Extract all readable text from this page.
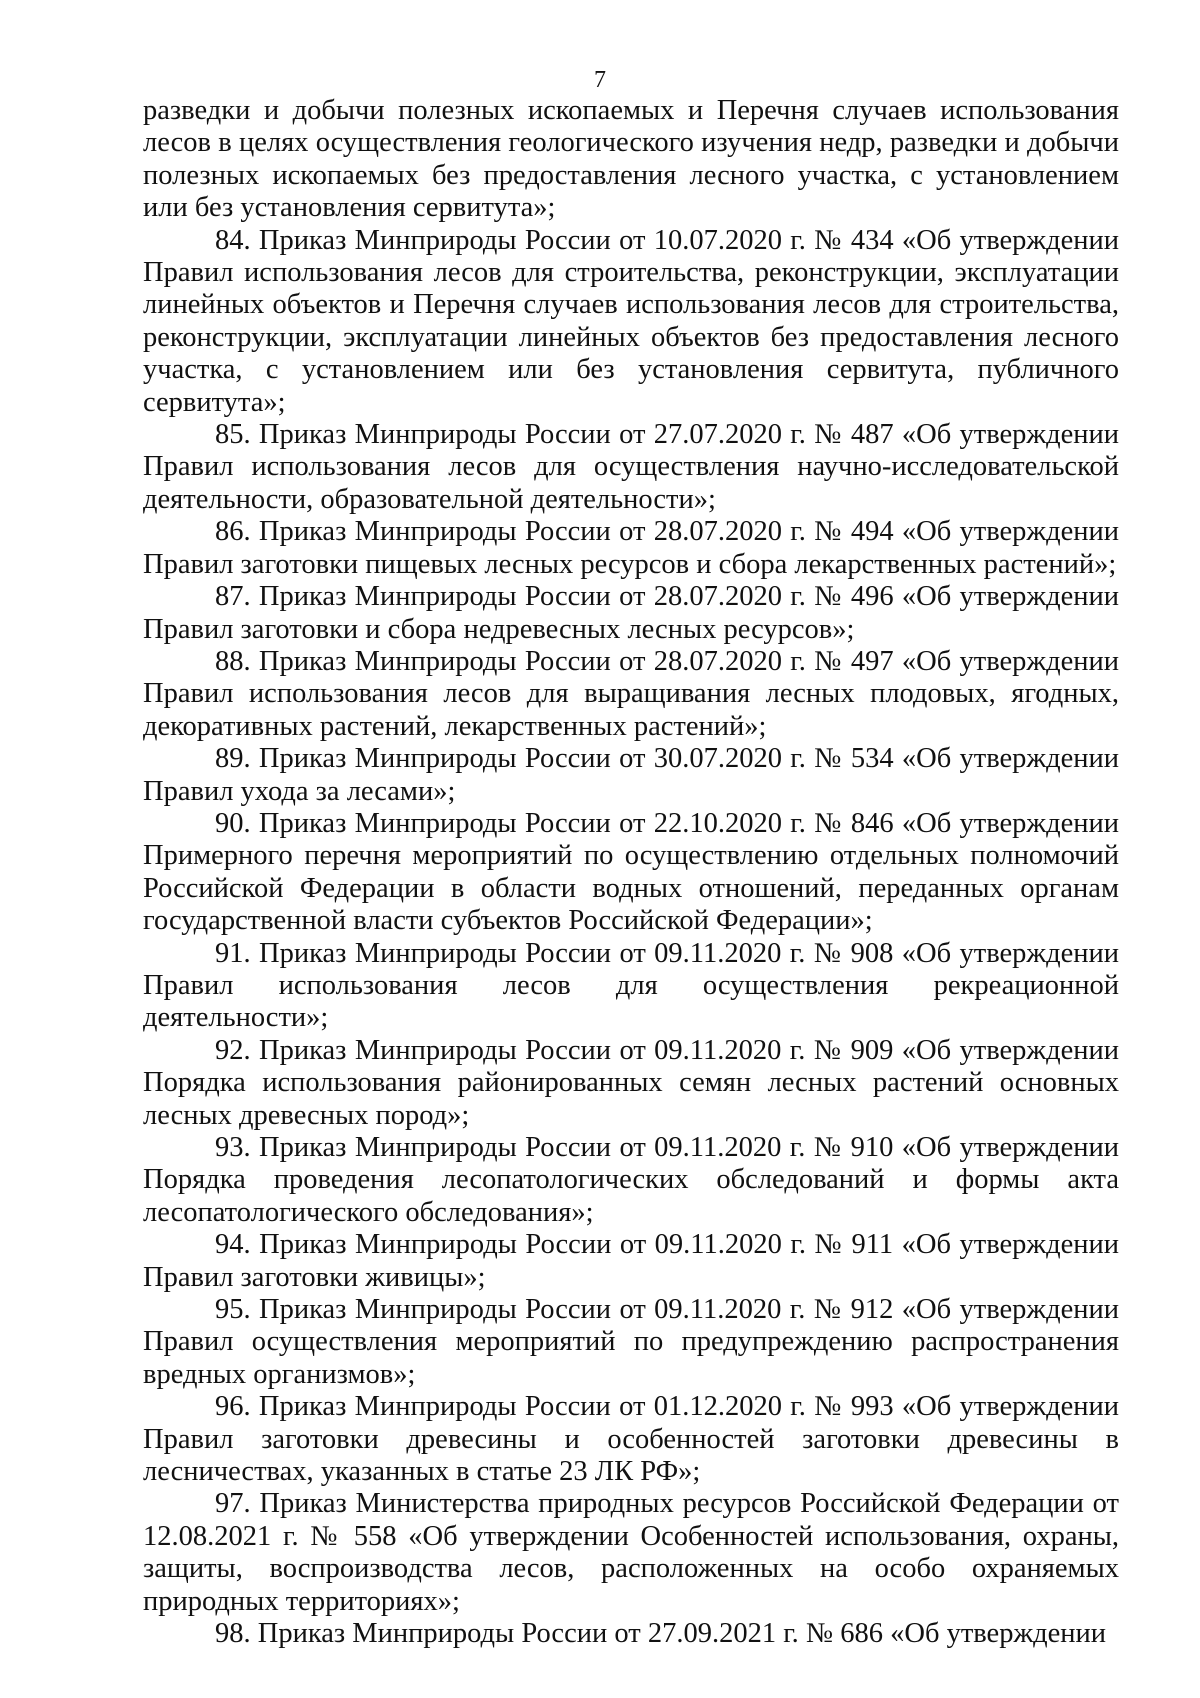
7

разведки и добычи полезных ископаемых и Перечня случаев использования лесов в целях осуществления геологического изучения недр, разведки и добычи полезных ископаемых без предоставления лесного участка, с установлением или без установления сервитута»;

84. Приказ Минприроды России от 10.07.2020 г. № 434 «Об утверждении Правил использования лесов для строительства, реконструкции, эксплуатации линейных объектов и Перечня случаев использования лесов для строительства, реконструкции, эксплуатации линейных объектов без предоставления лесного участка, с установлением или без установления сервитута, публичного сервитута»;

85. Приказ Минприроды России от 27.07.2020 г. № 487 «Об утверждении Правил использования лесов для осуществления научно-исследовательской деятельности, образовательной деятельности»;

86. Приказ Минприроды России от 28.07.2020 г. № 494 «Об утверждении Правил заготовки пищевых лесных ресурсов и сбора лекарственных растений»;

87. Приказ Минприроды России от 28.07.2020 г. № 496 «Об утверждении Правил заготовки и сбора недревесных лесных ресурсов»;

88. Приказ Минприроды России от 28.07.2020 г. № 497 «Об утверждении Правил использования лесов для выращивания лесных плодовых, ягодных, декоративных растений, лекарственных растений»;

89. Приказ Минприроды России от 30.07.2020 г. № 534 «Об утверждении Правил ухода за лесами»;

90. Приказ Минприроды России от 22.10.2020 г. № 846 «Об утверждении Примерного перечня мероприятий по осуществлению отдельных полномочий Российской Федерации в области водных отношений, переданных органам государственной власти субъектов Российской Федерации»;

91. Приказ Минприроды России от 09.11.2020 г. № 908 «Об утверждении Правил использования лесов для осуществления рекреационной деятельности»;

92. Приказ Минприроды России от 09.11.2020 г. № 909 «Об утверждении Порядка использования районированных семян лесных растений основных лесных древесных пород»;

93. Приказ Минприроды России от 09.11.2020 г. № 910 «Об утверждении Порядка проведения лесопатологических обследований и формы акта лесопатологического обследования»;

94. Приказ Минприроды России от 09.11.2020 г. № 911 «Об утверждении Правил заготовки живицы»;

95. Приказ Минприроды России от 09.11.2020 г. № 912 «Об утверждении Правил осуществления мероприятий по предупреждению распространения вредных организмов»;

96. Приказ Минприроды России от 01.12.2020 г. № 993 «Об утверждении Правил заготовки древесины и особенностей заготовки древесины в лесничествах, указанных в статье 23 ЛК РФ»;

97. Приказ Министерства природных ресурсов Российской Федерации от 12.08.2021 г. № 558 «Об утверждении Особенностей использования, охраны, защиты, воспроизводства лесов, расположенных на особо охраняемых природных территориях»;

98. Приказ Минприроды России от 27.09.2021 г. № 686 «Об утверждении
